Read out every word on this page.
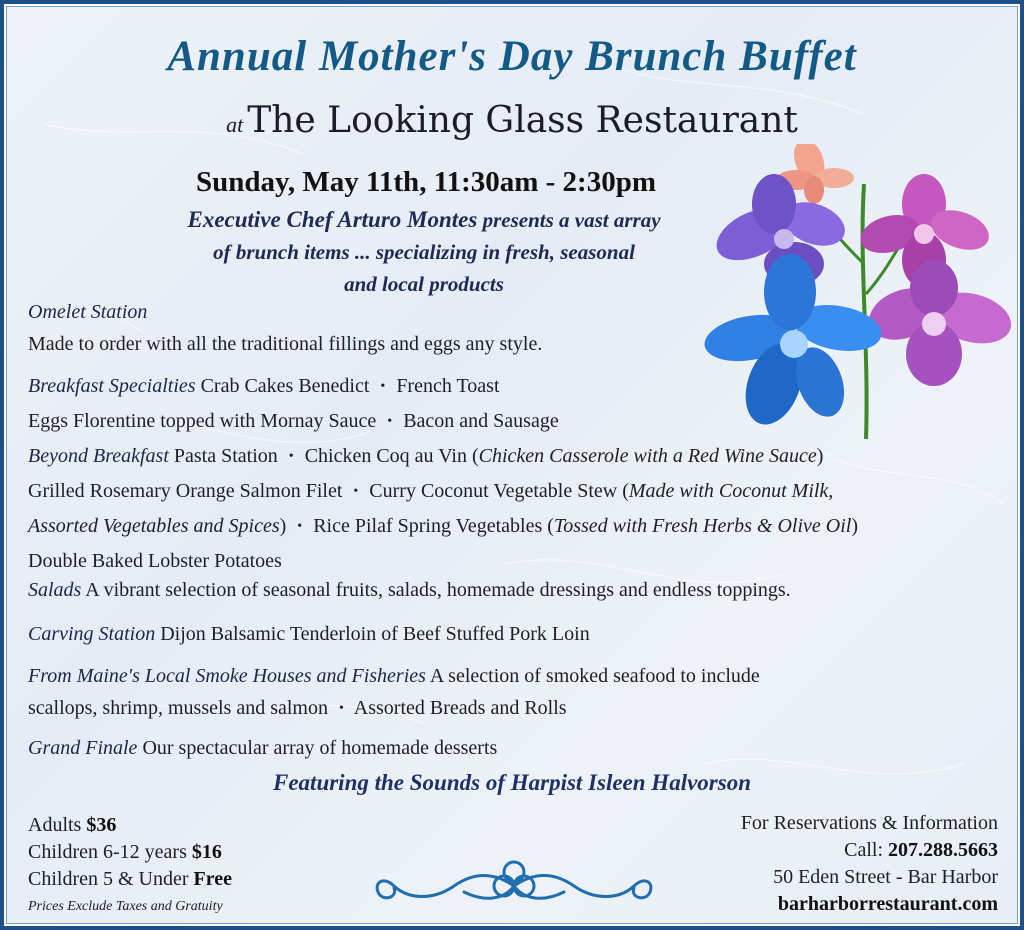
Annual Mother's Day Brunch Buffet
at The Looking Glass Restaurant
Sunday, May 11th, 11:30am - 2:30pm
Executive Chef Arturo Montes presents a vast array
of brunch items ... specializing in fresh, seasonal
and local products
Omelet Station
Made to order with all the traditional fillings and eggs any style.
Breakfast Specialties Crab Cakes Benedict • French Toast
Eggs Florentine topped with Mornay Sauce • Bacon and Sausage
Beyond Breakfast Pasta Station • Chicken Coq au Vin (Chicken Casserole with a Red Wine Sauce)
Grilled Rosemary Orange Salmon Filet • Curry Coconut Vegetable Stew (Made with Coconut Milk,
Assorted Vegetables and Spices) • Rice Pilaf Spring Vegetables (Tossed with Fresh Herbs & Olive Oil)
Double Baked Lobster Potatoes
Salads A vibrant selection of seasonal fruits, salads, homemade dressings and endless toppings.
Carving Station Dijon Balsamic Tenderloin of Beef Stuffed Pork Loin
From Maine's Local Smoke Houses and Fisheries A selection of smoked seafood to include
scallops, shrimp, mussels and salmon • Assorted Breads and Rolls
Grand Finale Our spectacular array of homemade desserts
Featuring the Sounds of Harpist Isleen Halvorson
Adults $36
Children 6-12 years $16
Children 5 & Under Free
Prices Exclude Taxes and Gratuity
For Reservations & Information
Call: 207.288.5663
50 Eden Street - Bar Harbor
barharborrestaurant.com
